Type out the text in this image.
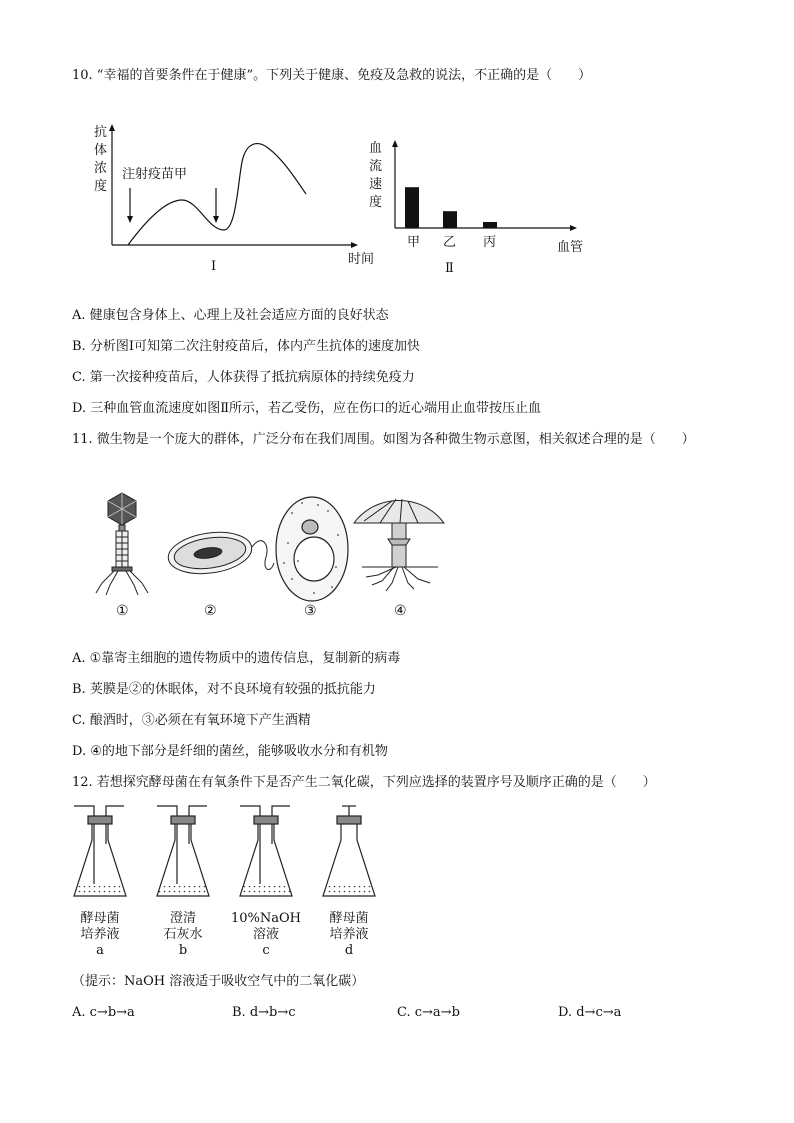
10. “幸福的首要条件在于健康”。下列关于健康、免疫及急救的说法，不正确的是（　　）
抗
体
浓
度
注射疫苗甲
时间
Ⅰ
血
流
速
度
甲 乙 丙	血管
Ⅱ
A. 健康包含身体上、心理上及社会适应方面的良好状态
B. 分析图Ⅰ可知第二次注射疫苗后，体内产生抗体的速度加快
C. 第一次接种疫苗后，人体获得了抵抗病原体的持续免疫力
D. 三种血管血流速度如图Ⅱ所示，若乙受伤，应在伤口的近心端用止血带按压止血
11. 微生物是一个庞大的群体，广泛分布在我们周围。如图为各种微生物示意图，相关叙述合理的是（　　）
①	②	③	④
A. ①靠寄主细胞的遗传物质中的遗传信息，复制新的病毒
B. 荚膜是②的休眠体，对不良环境有较强的抵抗能力
C. 酿酒时，③必须在有氧环境下产生酒精
D. ④的地下部分是纤细的菌丝，能够吸收水分和有机物
12. 若想探究酵母菌在有氧条件下是否产生二氧化碳，下列应选择的装置序号及顺序正确的是（　　）
酵母菌
培养液
a
澄清
石灰水
b
10%NaOH
溶液
c
酵母菌
培养液
d
（提示：NaOH 溶液适于吸收空气中的二氧化碳）
A. c→b→a	B. d→b→c	C. c→a→b	D. d→c→a
